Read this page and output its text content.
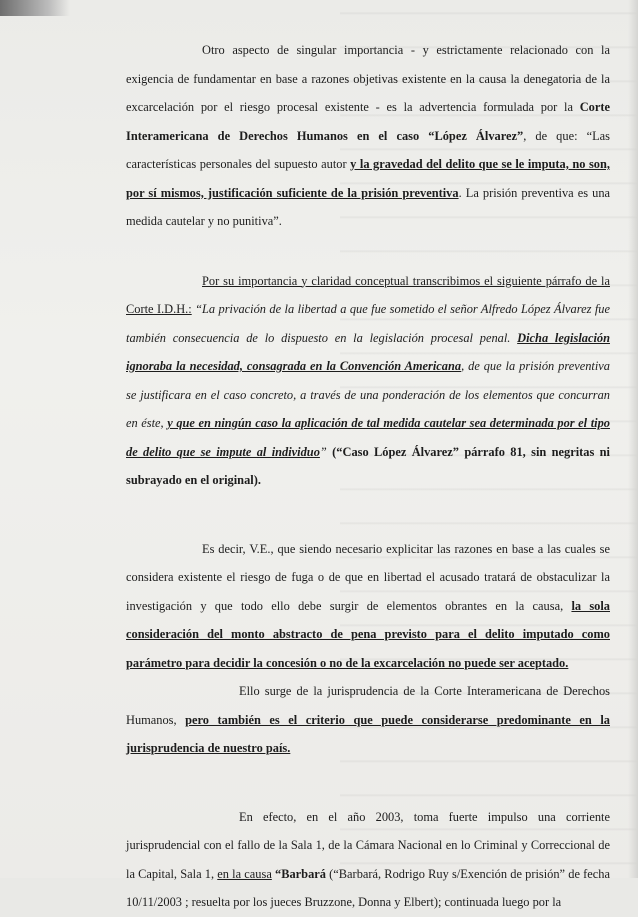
Otro aspecto de singular importancia - y estrictamente relacionado con la exigencia de fundamentar en base a razones objetivas existente en la causa la denegatoria de la excarcelación por el riesgo procesal existente - es la advertencia formulada por la Corte Interamericana de Derechos Humanos en el caso “López Álvarez”, de que: “Las características personales del supuesto autor y la gravedad del delito que se le imputa, no son, por sí mismos, justificación suficiente de la prisión preventiva. La prisión preventiva es una medida cautelar y no punitiva”.

Por su importancia y claridad conceptual transcribimos el siguiente párrafo de la Corte I.D.H.: “La privación de la libertad a que fue sometido el señor Alfredo López Álvarez fue también consecuencia de lo dispuesto en la legislación procesal penal. Dicha legislación ignoraba la necesidad, consagrada en la Convención Americana, de que la prisión preventiva se justificara en el caso concreto, a través de una ponderación de los elementos que concurran en éste, y que en ningún caso la aplicación de tal medida cautelar sea determinada por el tipo de delito que se impute al individuo” (“Caso López Álvarez” párrafo 81, sin negritas ni subrayado en el original).

Es decir, V.E., que siendo necesario explicitar las razones en base a las cuales se considera existente el riesgo de fuga o de que en libertad el acusado tratará de obstaculizar la investigación y que todo ello debe surgir de elementos obrantes en la causa, la sola consideración del monto abstracto de pena previsto para el delito imputado como parámetro para decidir la concesión o no de la excarcelación no puede ser aceptado.

Ello surge de la jurisprudencia de la Corte Interamericana de Derechos Humanos, pero también es el criterio que puede considerarse predominante en la jurisprudencia de nuestro país.

En efecto, en el año 2003, toma fuerte impulso una corriente jurisprudencial con el fallo de la Sala 1, de la Cámara Nacional en lo Criminal y Correccional de la Capital, Sala 1, en la causa “Barbará (“Barbará, Rodrigo Ruy s/Exención de prisión” de fecha 10/11/2003 ; resuelta por los jueces Bruzzone, Donna y Elbert); continuada luego por la
